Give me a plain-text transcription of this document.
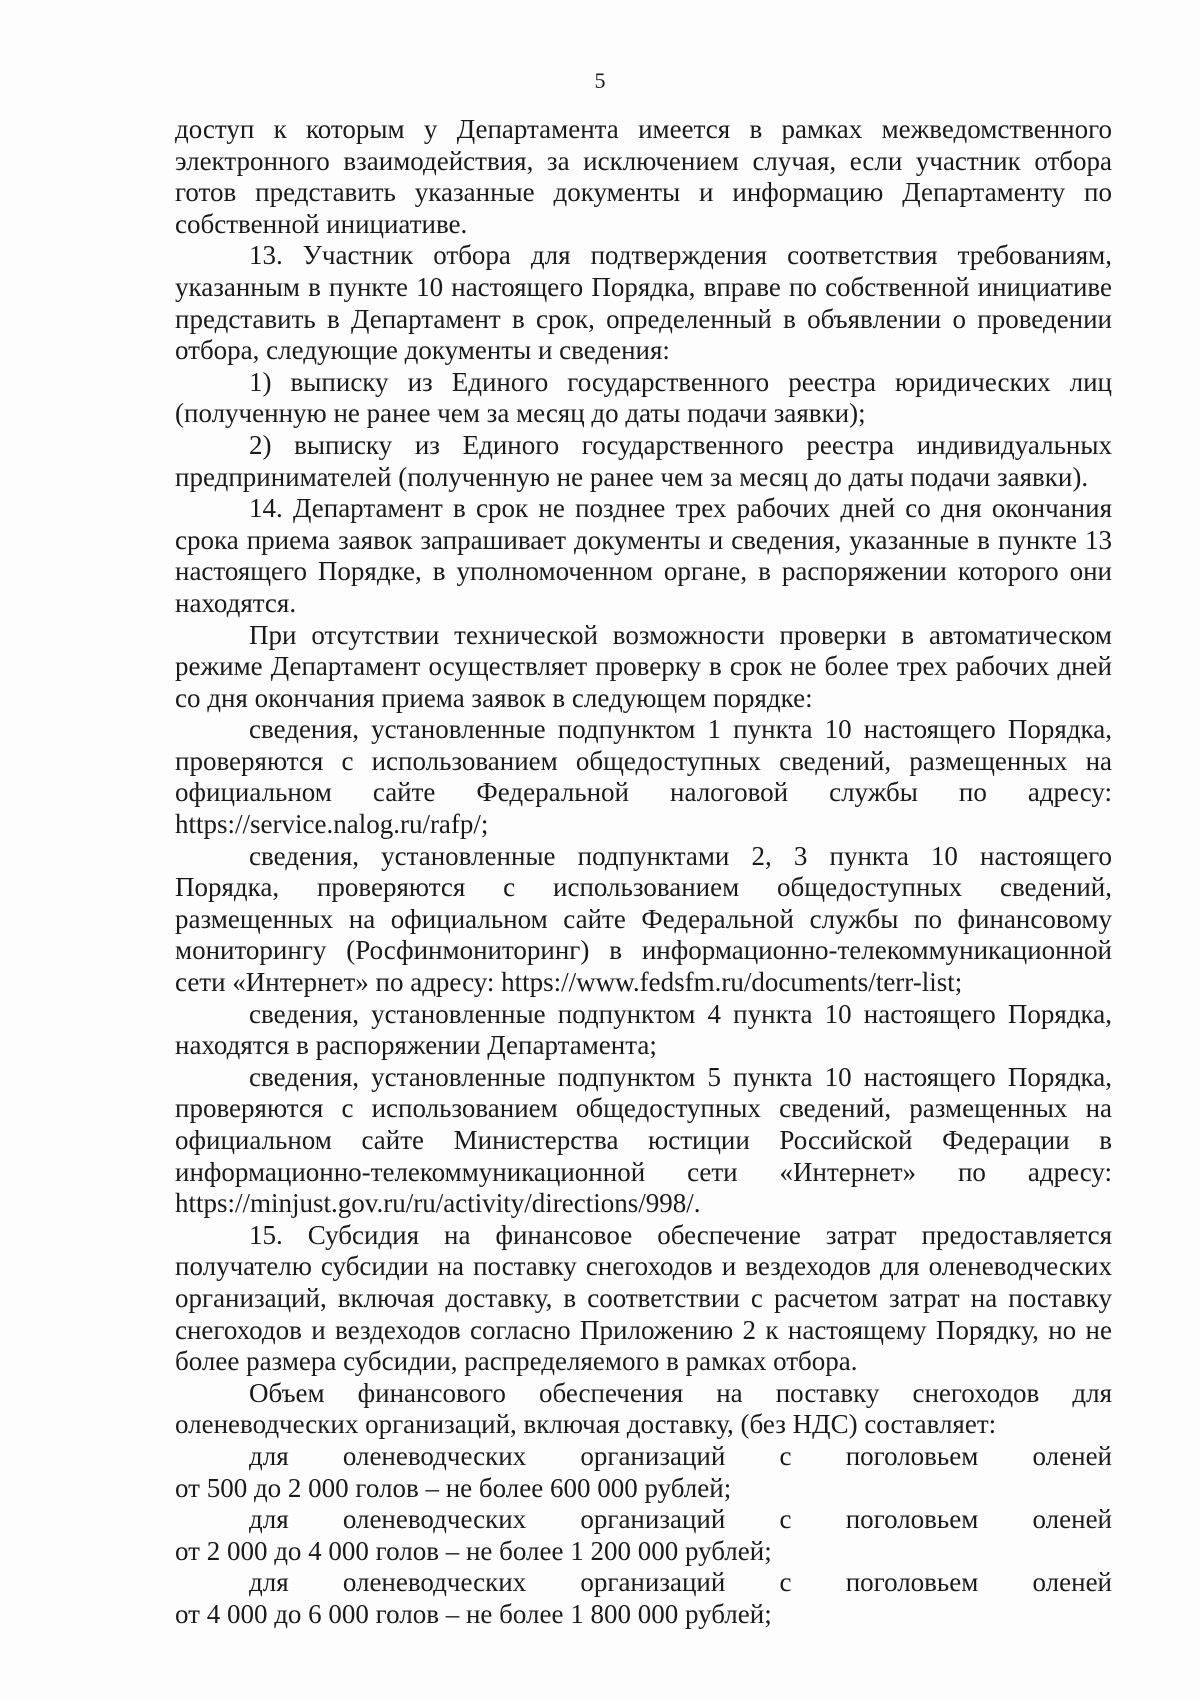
5

доступ к которым у Департамента имеется в рамках межведомственного электронного взаимодействия, за исключением случая, если участник отбора готов представить указанные документы и информацию Департаменту по собственной инициативе.

13. Участник отбора для подтверждения соответствия требованиям, указанным в пункте 10 настоящего Порядка, вправе по собственной инициативе представить в Департамент в срок, определенный в объявлении о проведении отбора, следующие документы и сведения:

1) выписку из Единого государственного реестра юридических лиц (полученную не ранее чем за месяц до даты подачи заявки);

2) выписку из Единого государственного реестра индивидуальных предпринимателей (полученную не ранее чем за месяц до даты подачи заявки).

14. Департамент в срок не позднее трех рабочих дней со дня окончания срока приема заявок запрашивает документы и сведения, указанные в пункте 13 настоящего Порядке, в уполномоченном органе, в распоряжении которого они находятся.

При отсутствии технической возможности проверки в автоматическом режиме Департамент осуществляет проверку в срок не более трех рабочих дней со дня окончания приема заявок в следующем порядке:

сведения, установленные подпунктом 1 пункта 10 настоящего Порядка, проверяются с использованием общедоступных сведений, размещенных на официальном сайте Федеральной налоговой службы по адресу: https://service.nalog.ru/rafp/;

сведения, установленные подпунктами 2, 3 пункта 10 настоящего Порядка, проверяются с использованием общедоступных сведений, размещенных на официальном сайте Федеральной службы по финансовому мониторингу (Росфинмониторинг) в информационно-телекоммуникационной сети «Интернет» по адресу: https://www.fedsfm.ru/documents/terr-list;

сведения, установленные подпунктом 4 пункта 10 настоящего Порядка, находятся в распоряжении Департамента;

сведения, установленные подпунктом 5 пункта 10 настоящего Порядка, проверяются с использованием общедоступных сведений, размещенных на официальном сайте Министерства юстиции Российской Федерации в информационно-телекоммуникационной сети «Интернет» по адресу: https://minjust.gov.ru/ru/activity/directions/998/.

15. Субсидия на финансовое обеспечение затрат предоставляется получателю субсидии на поставку снегоходов и вездеходов для оленеводческих организаций, включая доставку, в соответствии с расчетом затрат на поставку снегоходов и вездеходов согласно Приложению 2 к настоящему Порядку, но не более размера субсидии, распределяемого в рамках отбора.

Объем финансового обеспечения на поставку снегоходов для оленеводческих организаций, включая доставку, (без НДС) составляет:

для оленеводческих организаций с поголовьем оленей

от 500 до 2 000 голов – не более 600 000 рублей;

для оленеводческих организаций с поголовьем оленей

от 2 000 до 4 000 голов – не более 1 200 000 рублей;

для оленеводческих организаций с поголовьем оленей

от 4 000 до 6 000 голов – не более 1 800 000 рублей;
